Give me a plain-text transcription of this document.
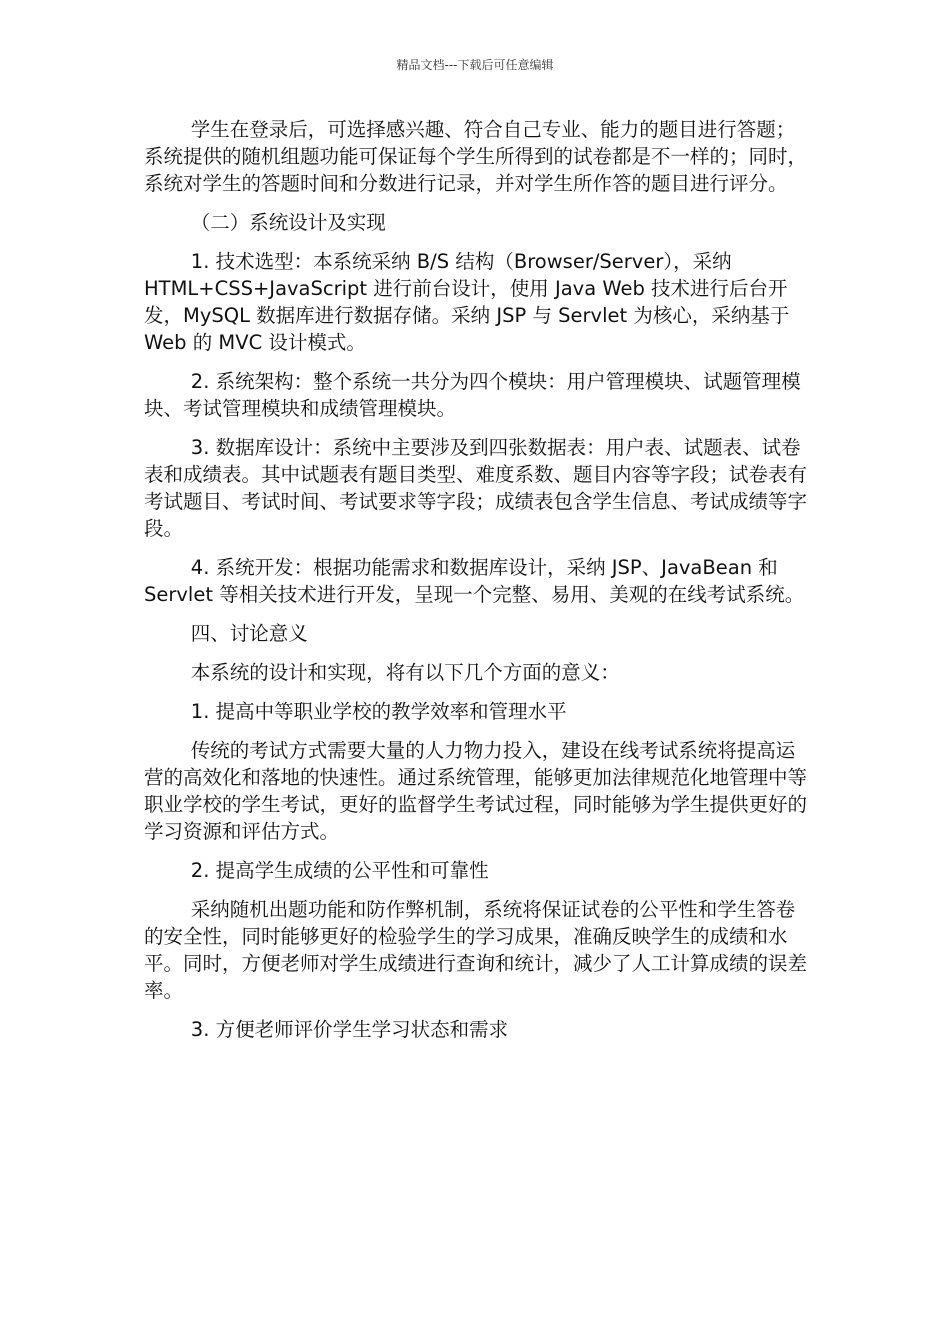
精品文档---下载后可任意编辑

学生在登录后，可选择感兴趣、符合自己专业、能力的题目进行答题；系统提供的随机组题功能可保证每个学生所得到的试卷都是不一样的；同时，系统对学生的答题时间和分数进行记录，并对学生所作答的题目进行评分。

（二）系统设计及实现

1. 技术选型：本系统采纳 B/S 结构（Browser/Server），采纳 HTML+CSS+JavaScript 进行前台设计，使用 Java Web 技术进行后台开发，MySQL 数据库进行数据存储。采纳 JSP 与 Servlet 为核心，采纳基于 Web 的 MVC 设计模式。

2. 系统架构：整个系统一共分为四个模块：用户管理模块、试题管理模块、考试管理模块和成绩管理模块。

3. 数据库设计：系统中主要涉及到四张数据表：用户表、试题表、试卷表和成绩表。其中试题表有题目类型、难度系数、题目内容等字段；试卷表有考试题目、考试时间、考试要求等字段；成绩表包含学生信息、考试成绩等字段。

4. 系统开发：根据功能需求和数据库设计，采纳 JSP、JavaBean 和 Servlet 等相关技术进行开发，呈现一个完整、易用、美观的在线考试系统。

四、讨论意义

本系统的设计和实现，将有以下几个方面的意义：

1. 提高中等职业学校的教学效率和管理水平

传统的考试方式需要大量的人力物力投入，建设在线考试系统将提高运营的高效化和落地的快速性。通过系统管理，能够更加法律规范化地管理中等职业学校的学生考试，更好的监督学生考试过程，同时能够为学生提供更好的学习资源和评估方式。

2. 提高学生成绩的公平性和可靠性

采纳随机出题功能和防作弊机制，系统将保证试卷的公平性和学生答卷的安全性，同时能够更好的检验学生的学习成果，准确反映学生的成绩和水平。同时，方便老师对学生成绩进行查询和统计，减少了人工计算成绩的误差率。

3. 方便老师评价学生学习状态和需求
